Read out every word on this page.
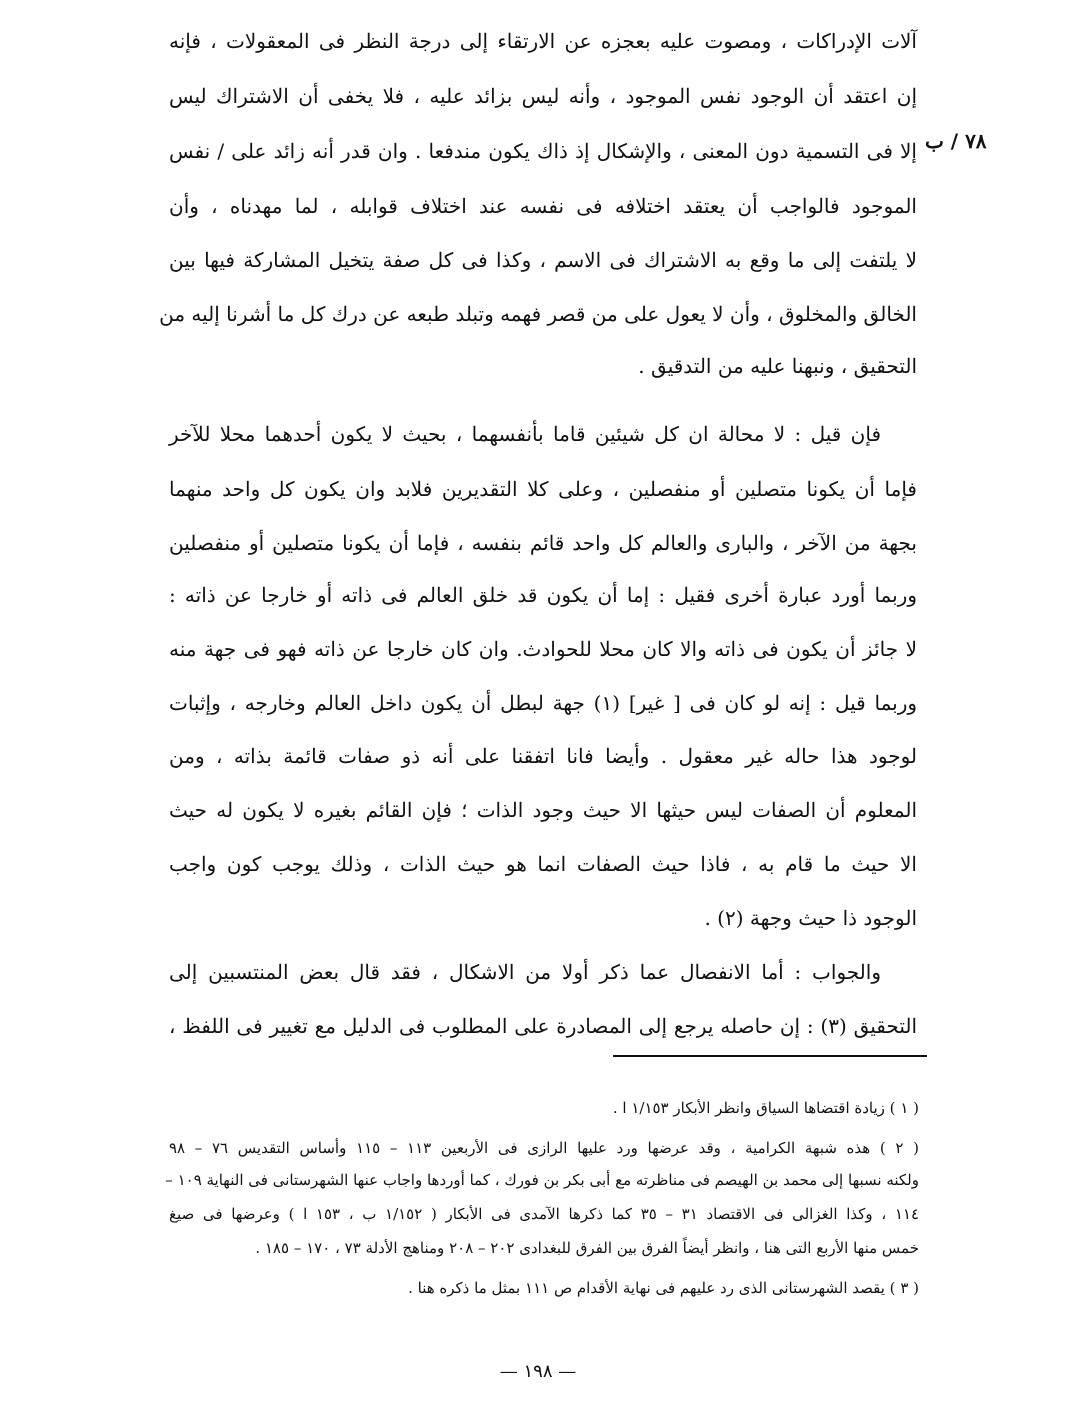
٧٨ / ب
آلات الإدراكات ، ومصوت عليه بعجزه عن الارتقاء إلى درجة النظر فى المعقولات ، فإنه
إن اعتقد أن الوجود نفس الموجود ، وأنه ليس بزائد عليه ، فلا يخفى أن الاشتراك ليس
إلا فى التسمية دون المعنى ، والإشكال إذ ذاك يكون مندفعا . وان قدر أنه زائد على / نفس
الموجود فالواجب أن يعتقد اختلافه فى نفسه عند اختلاف قوابله ، لما مهدناه ، وأن
لا يلتفت إلى ما وقع به الاشتراك فى الاسم ، وكذا فى كل صفة يتخيل المشاركة فيها بين
الخالق والمخلوق ، وأن لا يعول على من قصر فهمه وتبلد طبعه عن درك كل ما أشرنا إليه من
التحقيق ، ونبهنا عليه من التدقيق .
فإن قيل : لا محالة ان كل شيئين قاما بأنفسهما ، بحيث لا يكون أحدهما محلا للآخر
فإما أن يكونا متصلين أو منفصلين ، وعلى كلا التقديرين فلابد وان يكون كل واحد منهما
بجهة من الآخر ، والبارى والعالم كل واحد قائم بنفسه ، فإما أن يكونا متصلين أو منفصلين
وربما أورد عبارة أخرى فقيل : إما أن يكون قد خلق العالم فى ذاته أو خارجا عن ذاته :
لا جائز أن يكون فى ذاته والا كان محلا للحوادث. وان كان خارجا عن ذاته فهو فى جهة منه
وربما قيل : إنه لو كان فى [ غير] (١) جهة لبطل أن يكون داخل العالم وخارجه ، وإثبات
لوجود هذا حاله غير معقول . وأيضا فانا اتفقنا على أنه ذو صفات قائمة بذاته ، ومن
المعلوم أن الصفات ليس حيثها الا حيث وجود الذات ؛ فإن القائم بغيره لا يكون له حيث
الا حيث ما قام به ، فاذا حيث الصفات انما هو حيث الذات ، وذلك يوجب كون واجب
الوجود ذا حيث وجهة (٢) .
والجواب : أما الانفصال عما ذكر أولا من الاشكال ، فقد قال بعض المنتسبين إلى
التحقيق (٣) : إن حاصله يرجع إلى المصادرة على المطلوب فى الدليل مع تغيير فى اللفظ ،
( ١ ) زيادة اقتضاها السياق وانظر الأبكار ١/١٥٣ ا .
( ٢ ) هذه شبهة الكرامية ، وقد عرضها ورد عليها الرازى فى الأربعين ١١٣ – ١١٥ وأساس التقديس ٧٦ – ٩٨
ولكنه نسبها إلى محمد بن الهيصم فى مناظرته مع أبى بكر بن فورك ، كما أوردها واجاب عنها الشهرستانى فى النهاية ١٠٩ –
١١٤ ، وكذا الغزالى فى الاقتصاد ٣١ – ٣٥ كما ذكرها الآمدى فى الأبكار ( ١/١٥٢ ب ، ١٥٣ ا ) وعرضها فى صيغ
خمس منها الأربع التى هنا ، وانظر أيضاً الفرق بين الفرق للبغدادى ٢٠٢ – ٢٠٨ ومناهج الأدلة ٧٣ ، ١٧٠ – ١٨٥ .
( ٣ ) يقصد الشهرستانى الذى رد عليهم فى نهاية الأقدام ص ١١١ بمثل ما ذكره هنا .
— ١٩٨ —
